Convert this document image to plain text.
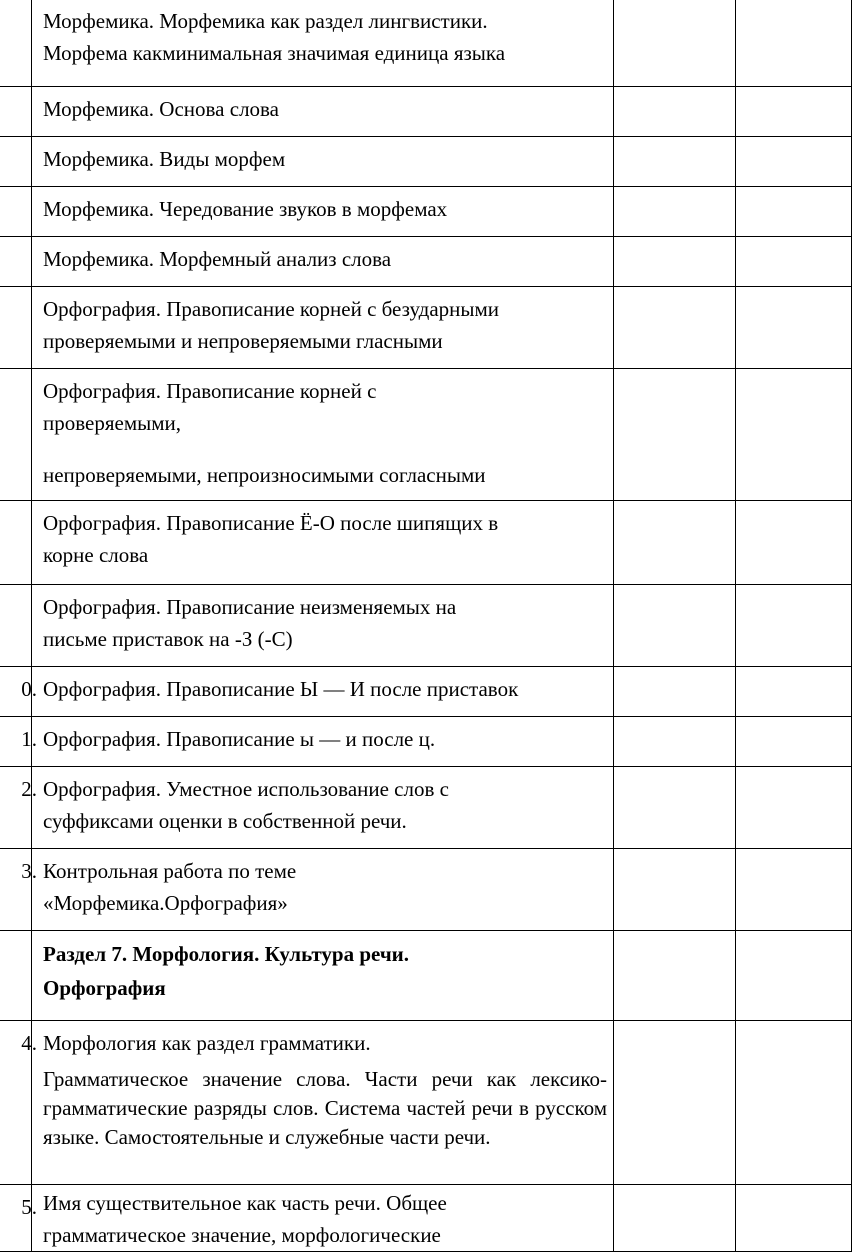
	Морфемика. Морфемика как раздел лингвистики.
Морфема какминимальная значимая единица языка		

	Морфемика. Основа слова		

	Морфемика. Виды морфем		

	Морфемика. Чередование звуков в морфемах		

	Морфемика. Морфемный анализ слова		

	Орфография. Правописание корней с безударными
проверяемыми и непроверяемыми гласными		

	Орфография. Правописание корней с
проверяемыми,
непроверяемыми, непроизносимыми согласными		

	Орфография. Правописание Ё-О после шипящих в
корне слова		

	Орфография. Правописание неизменяемых на
письме приставок на -З (-С)		

0.	Орфография. Правописание Ы — И после приставок		

1.	Орфография. Правописание ы — и после ц.		

2.	Орфография. Уместное использование слов с
суффиксами оценки в собственной речи.		

3.	Контрольная работа по теме
«Морфемика.Орфография»		

	Раздел 7. Морфология. Культура речи.
Орфография		

4.	Морфология как раздел грамматики.
Грамматическое значение слова. Части речи как лексико-грамматические разряды слов. Система частей речи в русском языке. Самостоятельные и служебные части речи.		

5.	Имя существительное как часть речи. Общее
грамматическое значение, морфологические		
